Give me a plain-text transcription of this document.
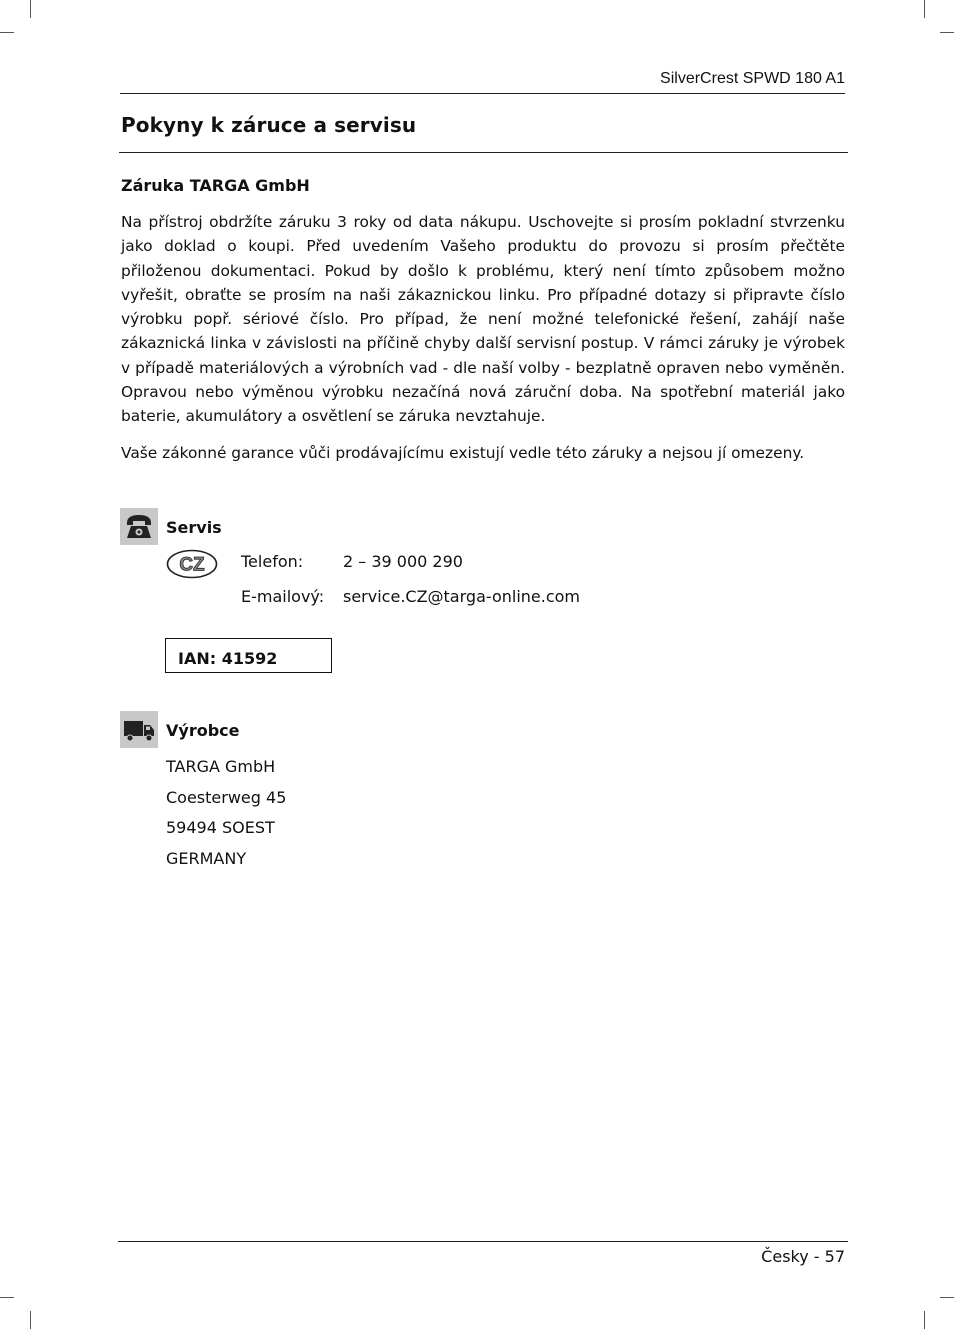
SilverCrest SPWD 180 A1
Pokyny k záruce a servisu
Záruka TARGA GmbH

Na přístroj obdržíte záruku 3 roky od data nákupu. Uschovejte si prosím pokladní stvrzenku jako doklad o koupi. Před uvedením Vašeho produktu do provozu si prosím přečtěte přiloženou dokumentaci. Pokud by došlo k problému, který není tímto způsobem možno vyřešit, obraťte se prosím na naši zákaznickou linku. Pro případné dotazy si připravte číslo výrobku popř. sériové číslo. Pro případ, že není možné telefonické řešení, zahájí naše zákaznická linka v závislosti na příčině chyby další servisní postup. V rámci záruky je výrobek v případě materiálových a výrobních vad - dle naší volby - bezplatně opraven nebo vyměněn. Opravou nebo výměnou výrobku nezačíná nová záruční doba. Na spotřební materiál jako baterie, akumulátory a osvětlení se záruka nevztahuje.

Vaše zákonné garance vůči prodávajícímu existují vedle této záruky a nejsou jí omezeny.

Servis
CZ Telefon: 2 – 39 000 290
E-mailový: service.CZ@targa-online.com
IAN: 41592
Výrobce
TARGA GmbH
Coesterweg 45
59494 SOEST
GERMANY
Česky - 57
